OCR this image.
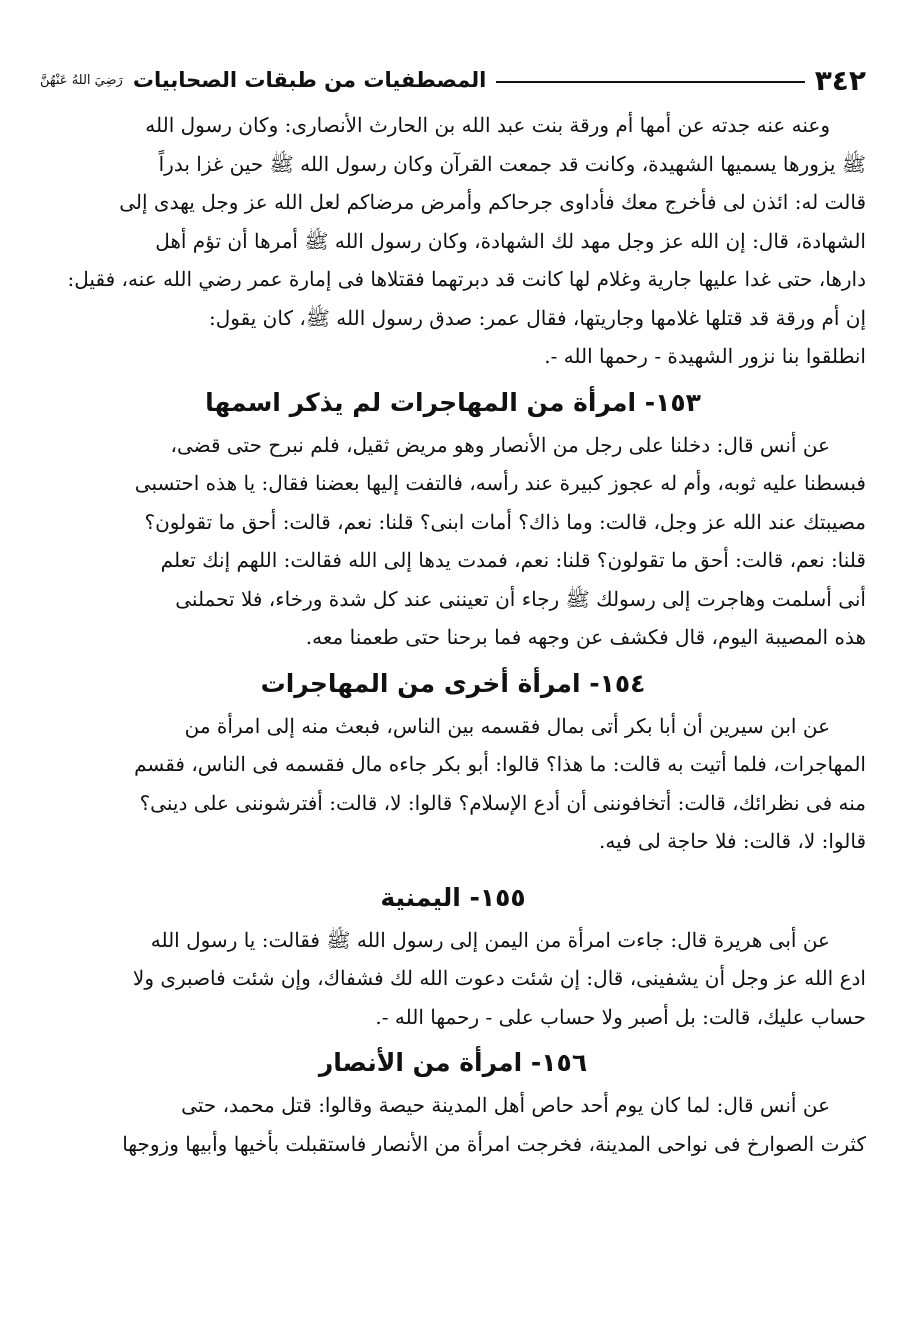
٣٤٢
المصطفيات من طبقات الصحابيات
رَضِيَ اللهُ عَنْهُنَّ
وعنه عنه جدته عن أمها أم ورقة بنت عبد الله بن الحارث الأنصارى: وكان رسول الله
ﷺ يزورها يسميها الشهيدة، وكانت قد جمعت القرآن وكان رسول الله ﷺ حين غزا بدراً
قالت له: ائذن لى فأخرج معك فأداوى جرحاكم وأمرض مرضاكم لعل الله عز وجل يهدى إلى
الشهادة، قال: إن الله عز وجل مهد لك الشهادة، وكان رسول الله ﷺ أمرها أن تؤم أهل
دارها، حتى غدا عليها جارية وغلام لها كانت قد دبرتهما فقتلاها فى إمارة عمر رضي الله عنه، فقيل:
إن أم ورقة قد قتلها غلامها وجاريتها، فقال عمر: صدق رسول الله ﷺ، كان يقول:
انطلقوا بنا نزور الشهيدة - رحمها الله -.
١٥٣- امرأة من المهاجرات لم يذكر اسمها
عن أنس قال: دخلنا على رجل من الأنصار وهو مريض ثقيل، فلم نبرح حتى قضى،
فبسطنا عليه ثوبه، وأم له عجوز كبيرة عند رأسه، فالتفت إليها بعضنا فقال: يا هذه احتسبى
مصيبتك عند الله عز وجل، قالت: وما ذاك؟ أمات ابنى؟ قلنا: نعم، قالت: أحق ما تقولون؟
قلنا: نعم، قالت: أحق ما تقولون؟ قلنا: نعم، فمدت يدها إلى الله فقالت: اللهم إنك تعلم
أنى أسلمت وهاجرت إلى رسولك ﷺ رجاء أن تعيننى عند كل شدة ورخاء، فلا تحملنى
هذه المصيبة اليوم، قال فكشف عن وجهه فما برحنا حتى طعمنا معه.
١٥٤- امرأة أخرى من المهاجرات
عن ابن سيرين أن أبا بكر أتى بمال فقسمه بين الناس، فبعث منه إلى امرأة من
المهاجرات، فلما أتيت به قالت: ما هذا؟ قالوا: أبو بكر جاءه مال فقسمه فى الناس، فقسم
منه فى نظرائك، قالت: أتخافوننى أن أدع الإسلام؟ قالوا: لا، قالت: أفترشوننى على دينى؟
قالوا: لا، قالت: فلا حاجة لى فيه.
١٥٥- اليمنية
عن أبى هريرة قال: جاءت امرأة من اليمن إلى رسول الله ﷺ فقالت: يا رسول الله
ادع الله عز وجل أن يشفينى، قال: إن شئت دعوت الله لك فشفاك، وإن شئت فاصبرى ولا
حساب عليك، قالت: بل أصبر ولا حساب على - رحمها الله -.
١٥٦- امرأة من الأنصار
عن أنس قال: لما كان يوم أحد حاص أهل المدينة حيصة وقالوا: قتل محمد، حتى
كثرت الصوارخ فى نواحى المدينة، فخرجت امرأة من الأنصار فاستقبلت بأخيها وأبيها وزوجها
